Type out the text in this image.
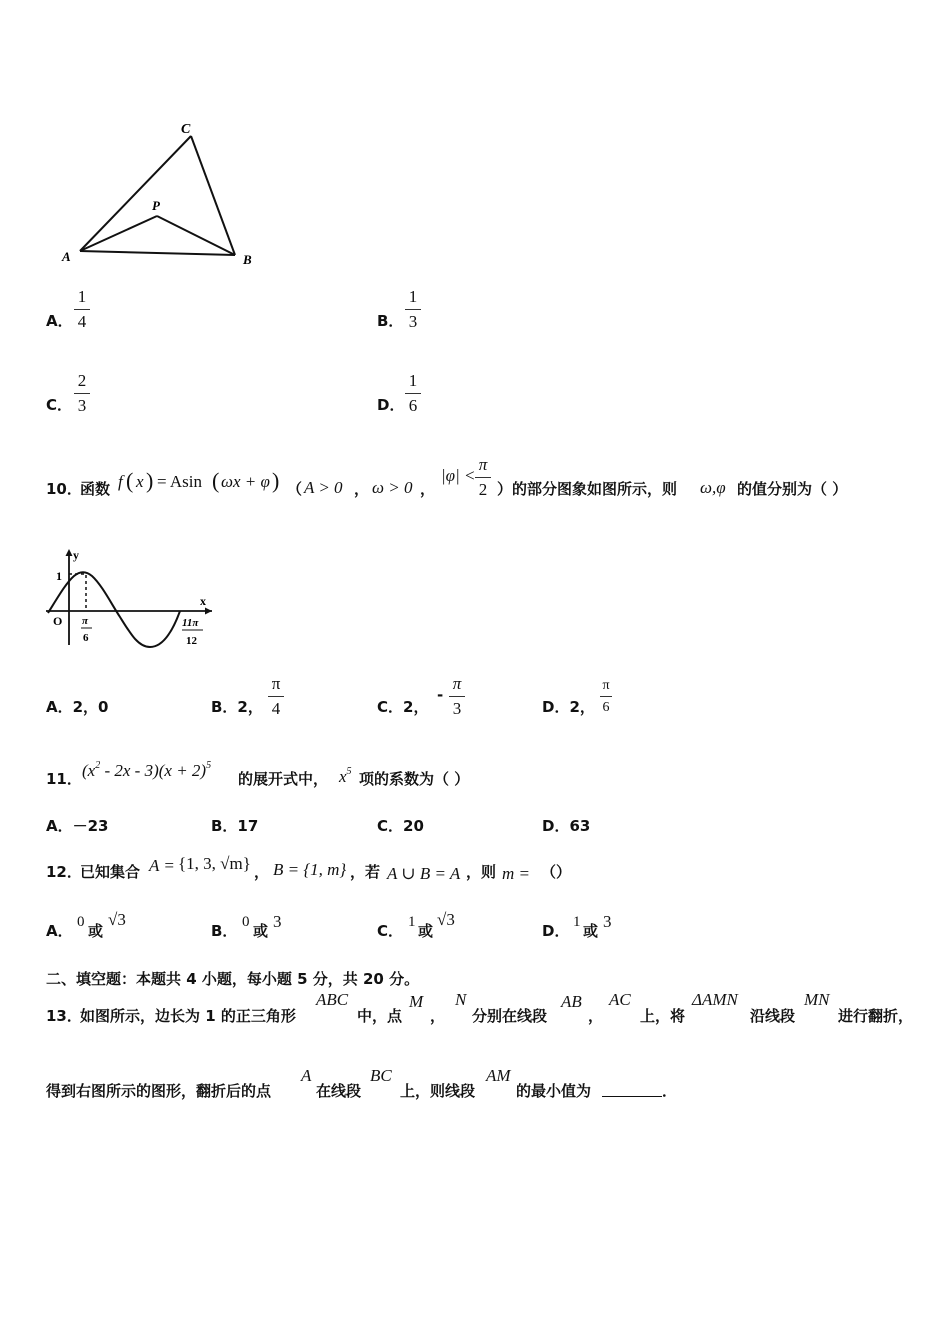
C
P
A	B
A．
1
4	B．
1
3
C．
2
3	D．
1
6
10．
函数 f ( x ) = Asin ( ωx + φ ) （ A > 0 ， ω > 0 ，
|φ| <
π
2 ）的部分图象如图所示，则 ω,φ 的值分别为（ ）
y
x
1
O π
6
11π
12
A．2，0	B．2，
π
4	C．2，
-
π
3	D．2，
π
6
11． $(x^2 - 2x - 3)(x + 2)^5$
的展开式中， $x^5$ 项的系数为（ ）
A．－23	B．17	C．20	D．63
12．
已知集合 A = {1, 3, √m} ， B = {1, m} ，若 A ∪ B = A ，则 m = （）
A． 0 或
√3
B． 0 或 3	C． 1 或
√3
D． 1 或 3
二、填空题：本题共 4 小题，每小题 5 分，共 20 分。
13．
如图所示，边长为 1 的正三角形
ABC
中，点
M
，
N
分别在线段
AB
，
AC
上，将
ΔAMN
沿线段
MN
进行翻折，
得到右图所示的图形，翻折后的点
A
在线段
BC
上，则线段
AM
的最小值为	．
